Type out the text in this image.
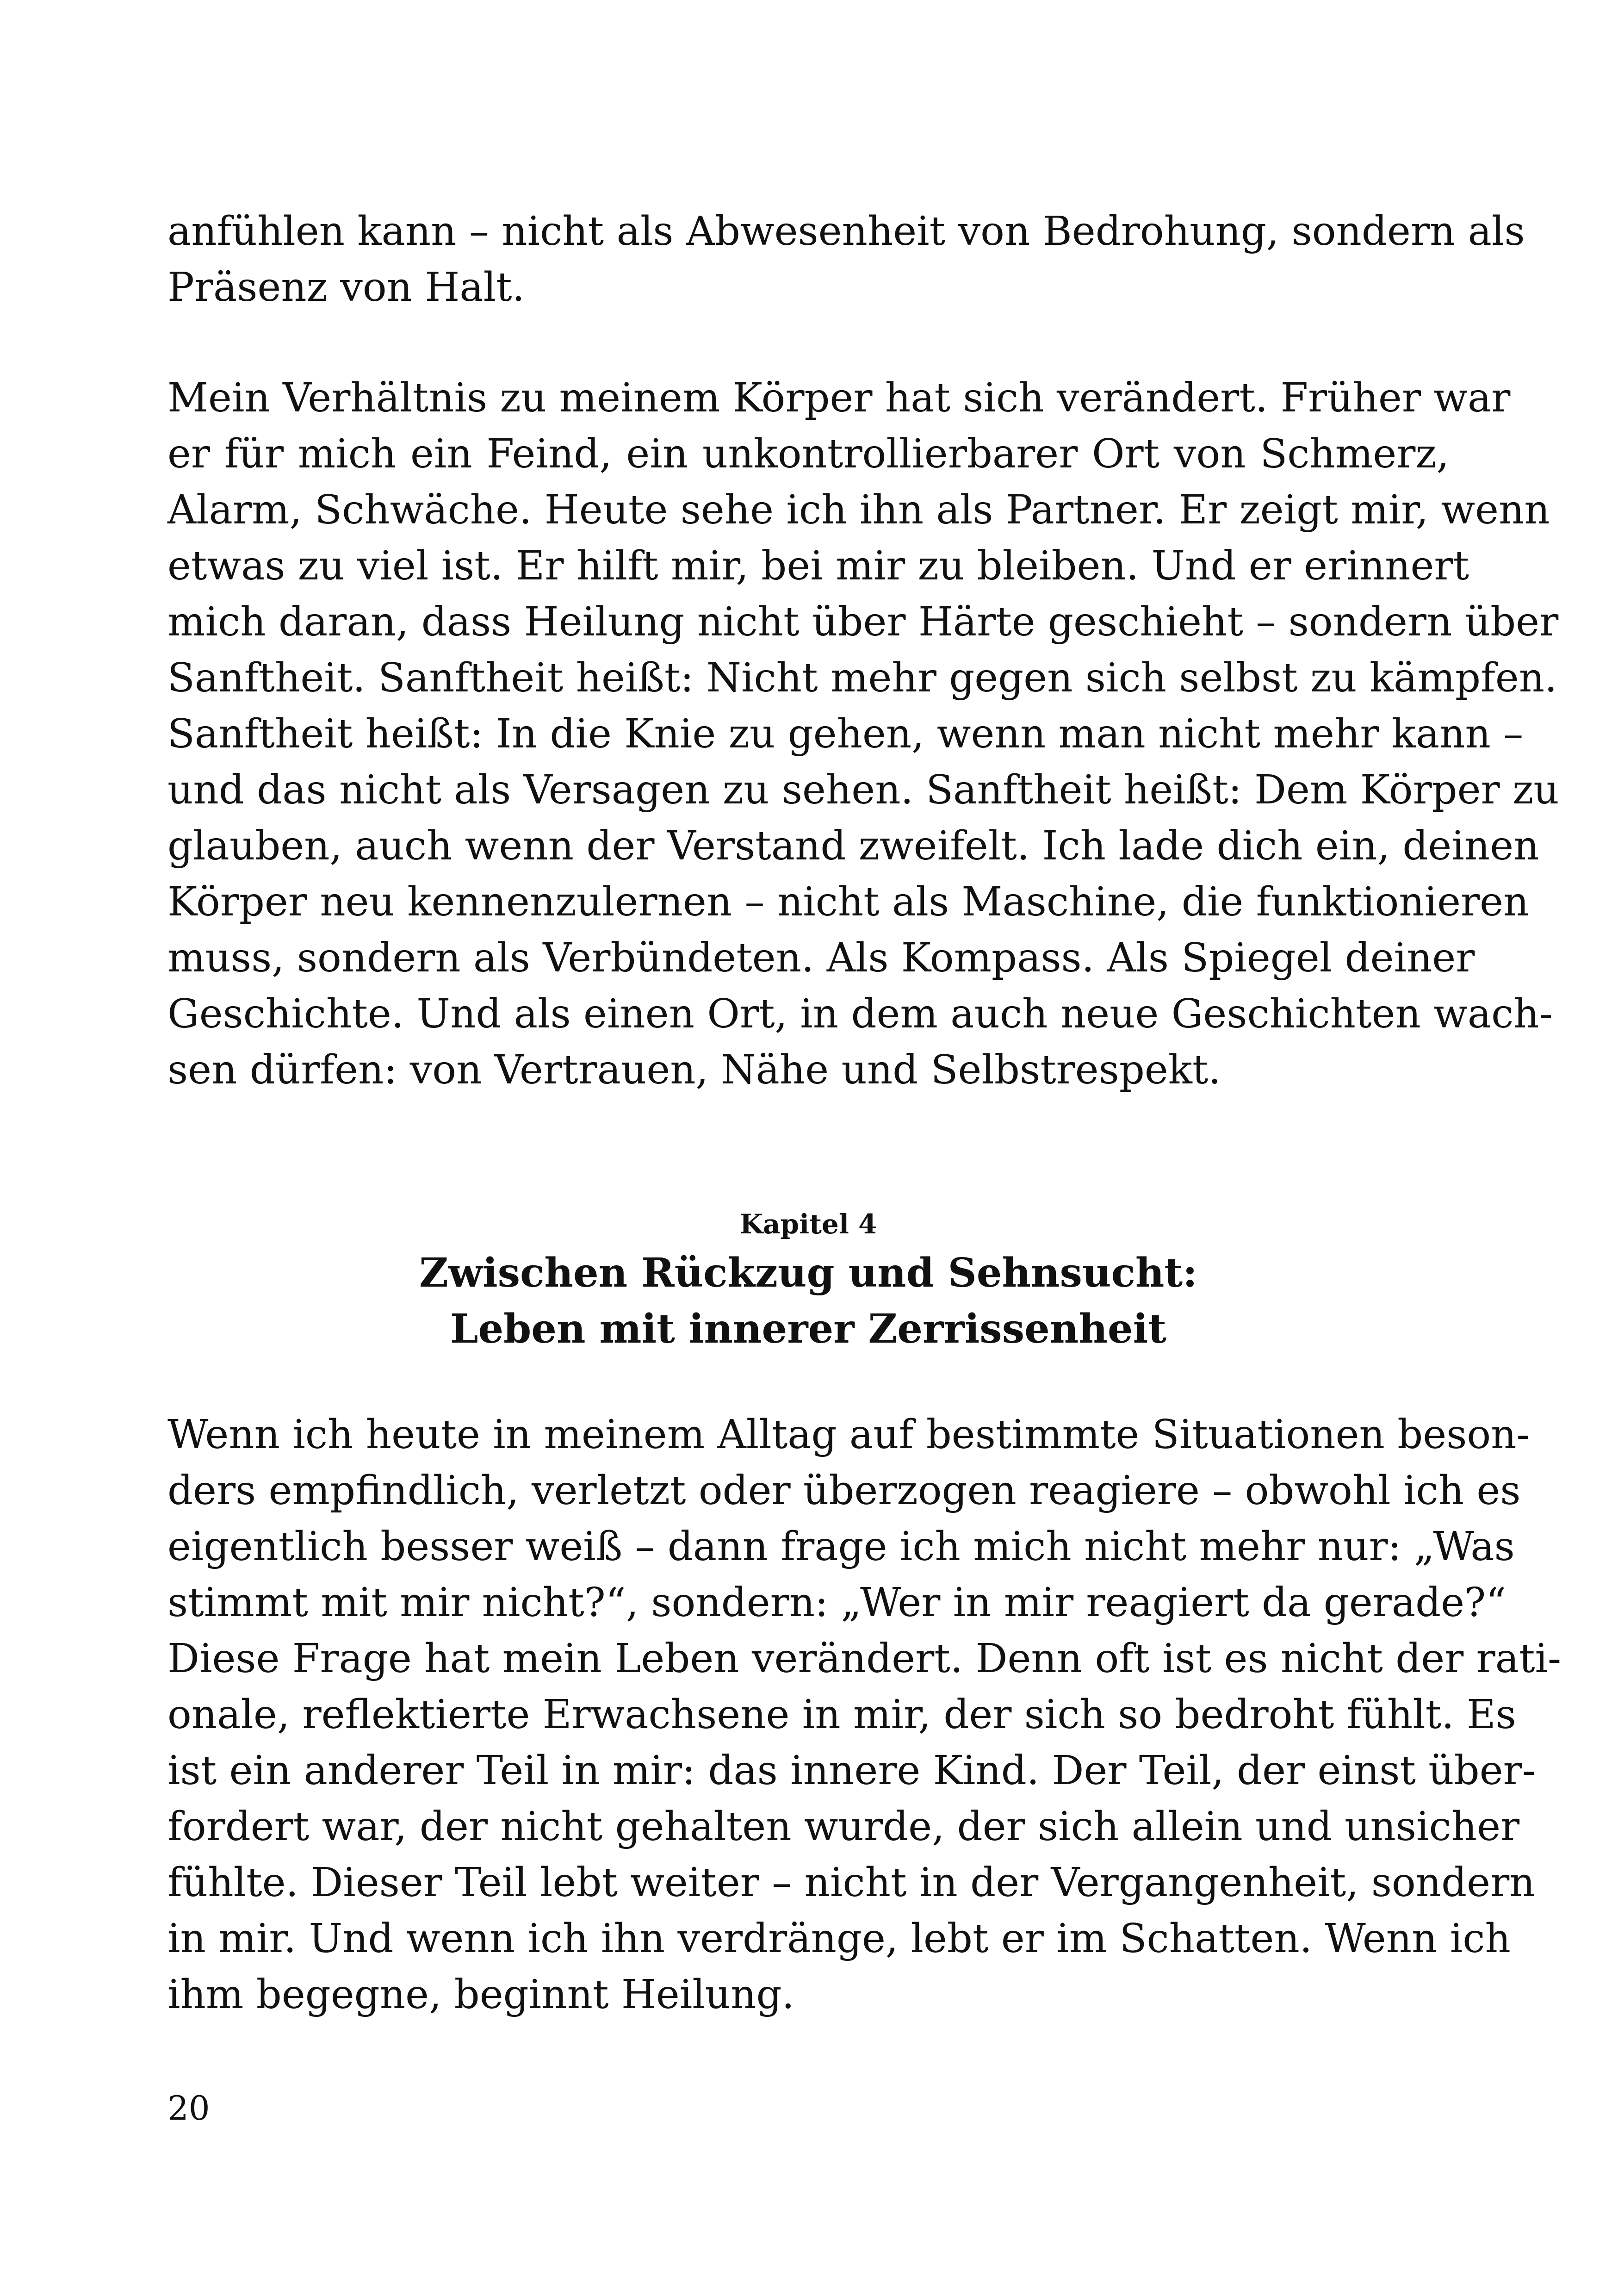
anfühlen kann – nicht als Abwesenheit von Bedrohung, sondern als
Präsenz von Halt.
Mein Verhältnis zu meinem Körper hat sich verändert. Früher war
er für mich ein Feind, ein unkontrollierbarer Ort von Schmerz,
Alarm, Schwäche. Heute sehe ich ihn als Partner. Er zeigt mir, wenn
etwas zu viel ist. Er hilft mir, bei mir zu bleiben. Und er erinnert
mich daran, dass Heilung nicht über Härte geschieht – sondern über
Sanftheit. Sanftheit heißt: Nicht mehr gegen sich selbst zu kämpfen.
Sanftheit heißt: In die Knie zu gehen, wenn man nicht mehr kann –
und das nicht als Versagen zu sehen. Sanftheit heißt: Dem Körper zu
glauben, auch wenn der Verstand zweifelt. Ich lade dich ein, deinen
Körper neu kennenzulernen – nicht als Maschine, die funktionieren
muss, sondern als Verbündeten. Als Kompass. Als Spiegel deiner
Geschichte. Und als einen Ort, in dem auch neue Geschichten wach-
sen dürfen: von Vertrauen, Nähe und Selbstrespekt.
Kapitel 4
Zwischen Rückzug und Sehnsucht:
Leben mit innerer Zerrissenheit
Wenn ich heute in meinem Alltag auf bestimmte Situationen beson-
ders empfindlich, verletzt oder überzogen reagiere – obwohl ich es
eigentlich besser weiß – dann frage ich mich nicht mehr nur: „Was
stimmt mit mir nicht?“, sondern: „Wer in mir reagiert da gerade?“
Diese Frage hat mein Leben verändert. Denn oft ist es nicht der rati-
onale, reflektierte Erwachsene in mir, der sich so bedroht fühlt. Es
ist ein anderer Teil in mir: das innere Kind. Der Teil, der einst über-
fordert war, der nicht gehalten wurde, der sich allein und unsicher
fühlte. Dieser Teil lebt weiter – nicht in der Vergangenheit, sondern
in mir. Und wenn ich ihn verdränge, lebt er im Schatten. Wenn ich
ihm begegne, beginnt Heilung.
20
